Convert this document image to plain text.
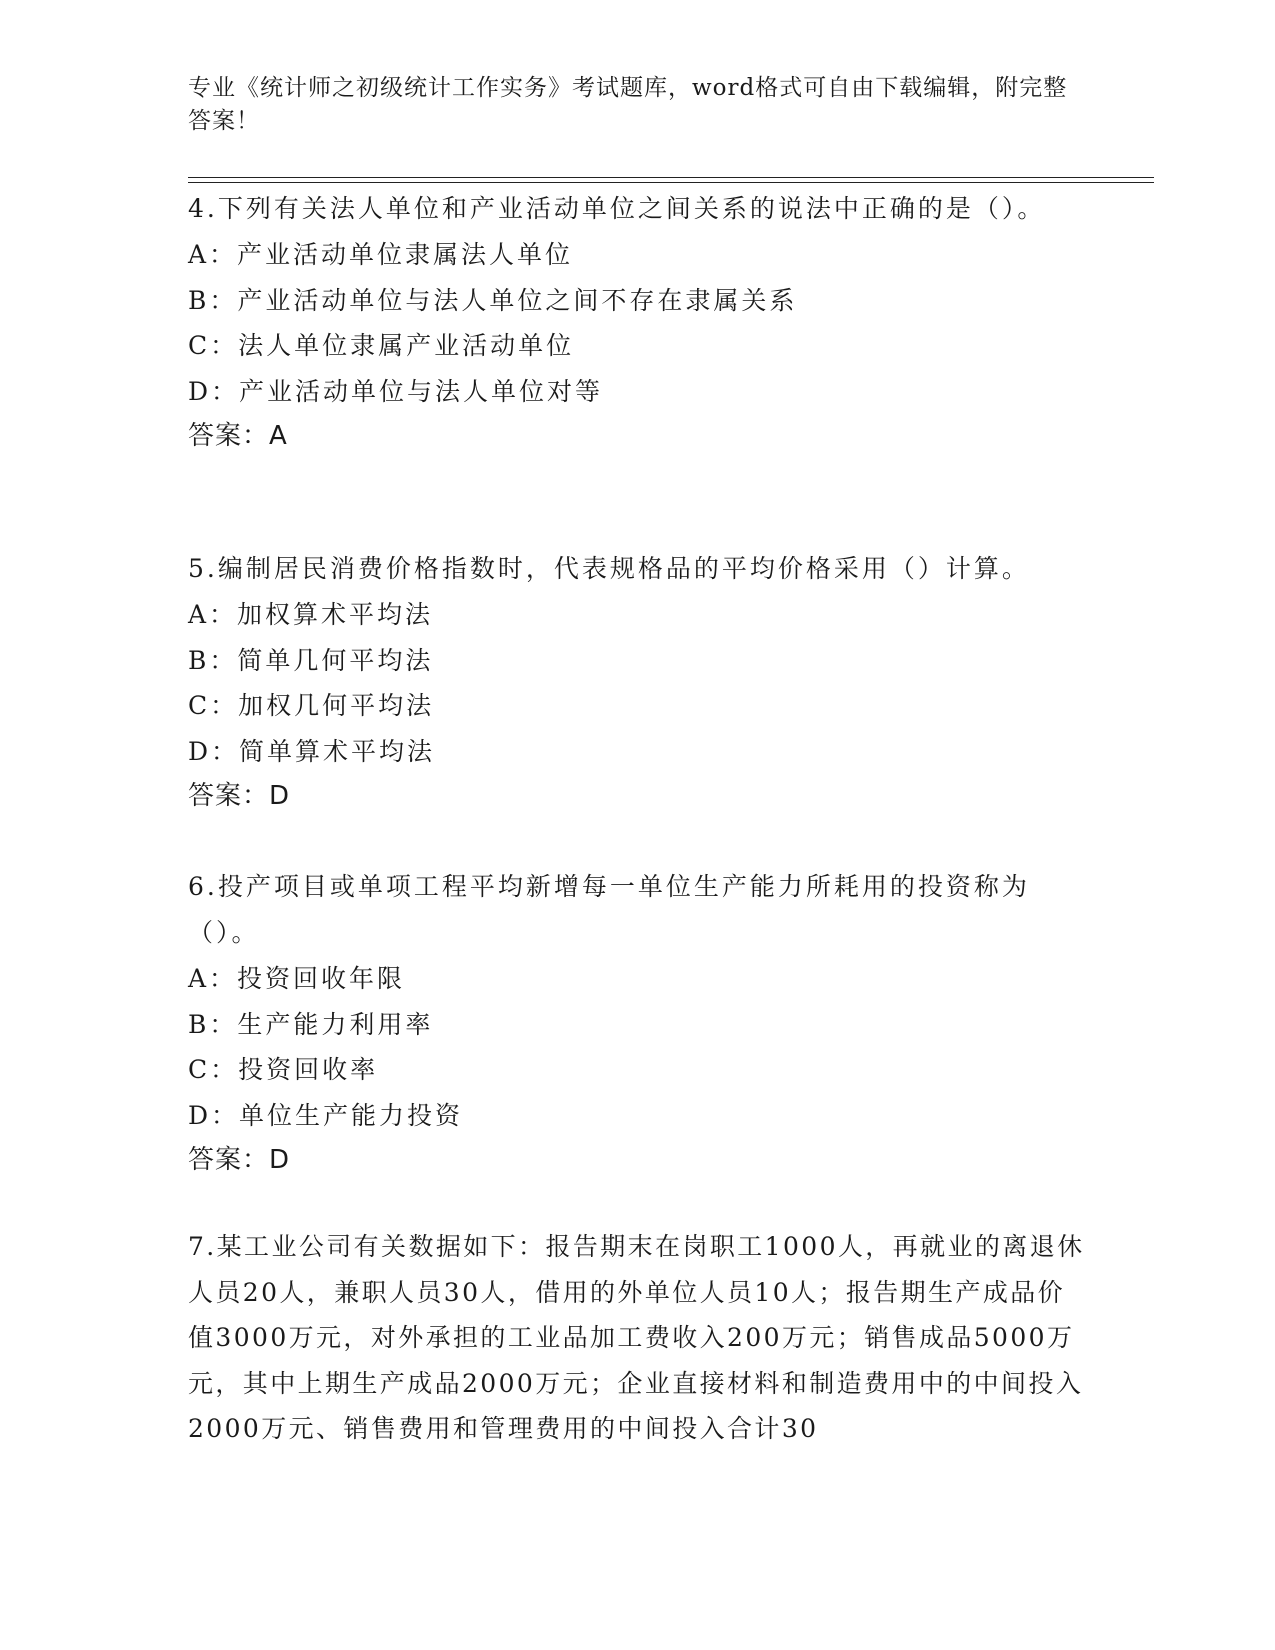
专业《统计师之初级统计工作实务》考试题库，word格式可自由下载编辑，附完整答案！

4.下列有关法人单位和产业活动单位之间关系的说法中正确的是（）。

A：产业活动单位隶属法人单位

B：产业活动单位与法人单位之间不存在隶属关系

C：法人单位隶属产业活动单位

D：产业活动单位与法人单位对等

答案：A

5.编制居民消费价格指数时，代表规格品的平均价格采用（）计算。

A：加权算术平均法

B：简单几何平均法

C：加权几何平均法

D：简单算术平均法

答案：D

6.投产项目或单项工程平均新增每一单位生产能力所耗用的投资称为（）。

A：投资回收年限

B：生产能力利用率

C：投资回收率

D：单位生产能力投资

答案：D

7.某工业公司有关数据如下：报告期末在岗职工1000人，再就业的离退休人员20人，兼职人员30人，借用的外单位人员10人；报告期生产成品价值3000万元，对外承担的工业品加工费收入200万元；销售成品5000万元，其中上期生产成品2000万元；企业直接材料和制造费用中的中间投入2000万元、销售费用和管理费用的中间投入合计30
